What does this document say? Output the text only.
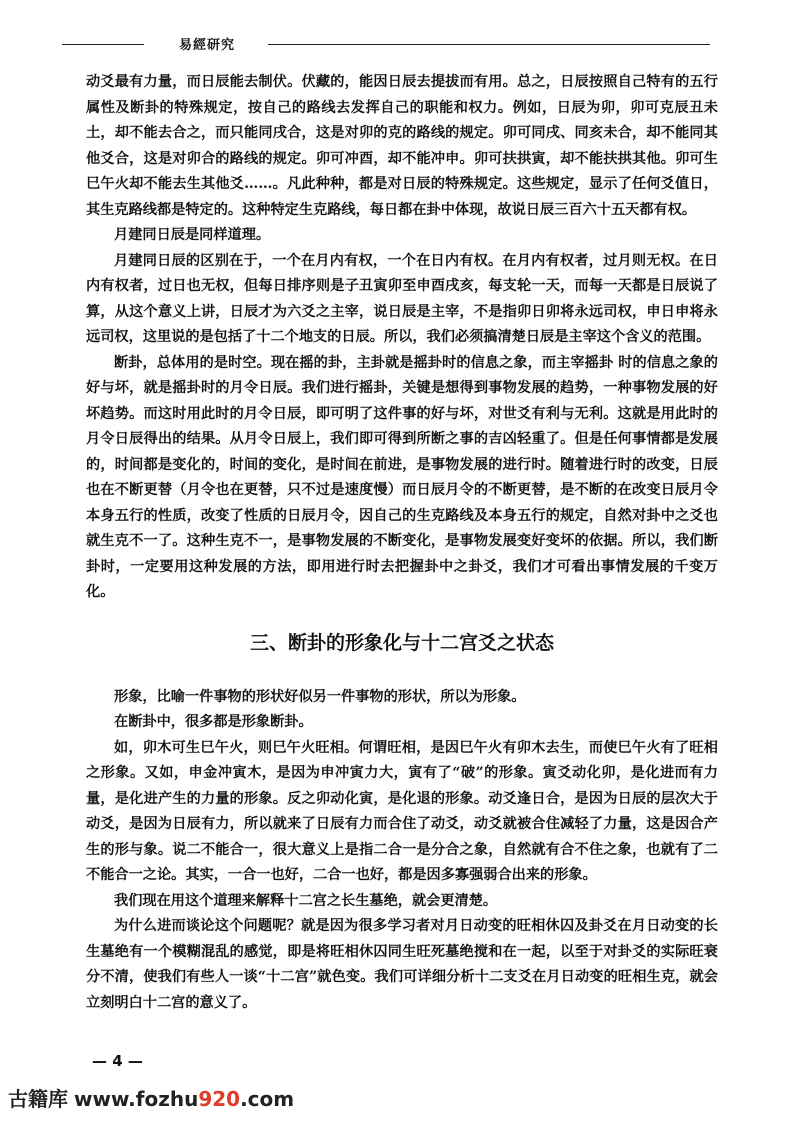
易經研究

动爻最有力量，而日辰能去制伏。伏藏的，能因日辰去提拔而有用。总之，日辰按照自己特有的五行属性及断卦的特殊规定，按自己的路线去发挥自己的职能和权力。例如，日辰为卯，卯可克辰丑未土，却不能去合之，而只能同戌合，这是对卯的克的路线的规定。卯可同戌、同亥未合，却不能同其他爻合，这是对卯合的路线的规定。卯可冲酉，却不能冲申。卯可扶拱寅，却不能扶拱其他。卯可生巳午火却不能去生其他爻……。凡此种种，都是对日辰的特殊规定。这些规定，显示了任何爻值日，其生克路线都是特定的。这种特定生克路线，每日都在卦中体现，故说日辰三百六十五天都有权。

月建同日辰是同样道理。

月建同日辰的区别在于，一个在月内有权，一个在日内有权。在月内有权者，过月则无权。在日内有权者，过日也无权，但每日排序则是子丑寅卯至申酉戌亥，每支轮一天，而每一天都是日辰说了算，从这个意义上讲，日辰才为六爻之主宰，说日辰是主宰，不是指卯日卯将永远司权，申日申将永远司权，这里说的是包括了十二个地支的日辰。所以，我们必须搞清楚日辰是主宰这个含义的范围。

断卦，总体用的是时空。现在摇的卦，主卦就是摇卦时的信息之象，而主宰摇卦 时的信息之象的好与坏，就是摇卦时的月令日辰。我们进行摇卦，关键是想得到事物发展的趋势，一种事物发展的好坏趋势。而这时用此时的月令日辰，即可明了这件事的好与坏，对世爻有利与无利。这就是用此时的月令日辰得出的结果。从月令日辰上，我们即可得到所断之事的吉凶轻重了。但是任何事情都是发展的，时间都是变化的，时间的变化，是时间在前进，是事物发展的进行时。随着进行时的改变，日辰也在不断更替（月令也在更替，只不过是速度慢）而日辰月令的不断更替，是不断的在改变日辰月令本身五行的性质，改变了性质的日辰月令，因自己的生克路线及本身五行的规定，自然对卦中之爻也就生克不一了。这种生克不一，是事物发展的不断变化，是事物发展变好变坏的依据。所以，我们断卦时，一定要用这种发展的方法，即用进行时去把握卦中之卦爻，我们才可看出事情发展的千变万化。

三、断卦的形象化与十二宫爻之状态

形象，比喻一件事物的形状好似另一件事物的形状，所以为形象。

在断卦中，很多都是形象断卦。

如，卯木可生巳午火，则巳午火旺相。何谓旺相，是因巳午火有卯木去生，而使巳午火有了旺相之形象。又如，申金冲寅木，是因为申冲寅力大，寅有了“破”的形象。寅爻动化卯，是化进而有力量，是化进产生的力量的形象。反之卯动化寅，是化退的形象。动爻逢日合，是因为日辰的层次大于动爻，是因为日辰有力，所以就来了日辰有力而合住了动爻，动爻就被合住减轻了力量，这是因合产生的形与象。说二不能合一，很大意义上是指二合一是分合之象，自然就有合不住之象，也就有了二不能合一之论。其实，一合一也好，二合一也好，都是因多寡强弱合出来的形象。

我们现在用这个道理来解释十二宫之长生墓绝，就会更清楚。

为什么进而谈论这个问题呢？就是因为很多学习者对月日动变的旺相休囚及卦爻在月日动变的长生墓绝有一个模糊混乱的感觉，即是将旺相休囚同生旺死墓绝搅和在一起，以至于对卦爻的实际旺衰分不清，使我们有些人一谈“十二宫”就色变。我们可详细分析十二支爻在月日动变的旺相生克，就会立刻明白十二宫的意义了。

— 4 —
古籍库 www.fozhu920.com
